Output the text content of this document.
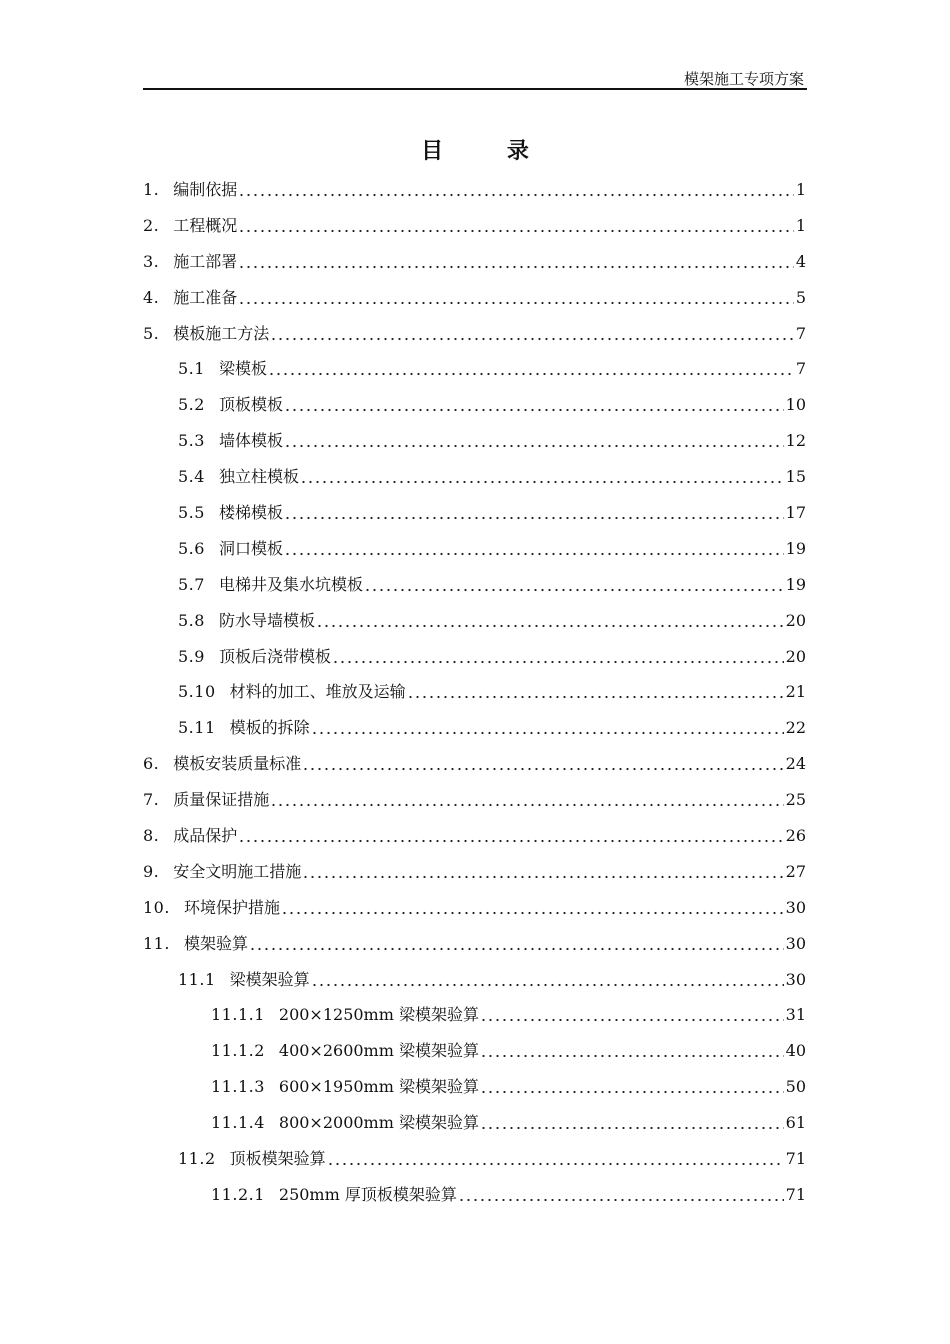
模架施工专项方案
目 录
1. 编制依据	1
2. 工程概况	1
3. 施工部署	4
4. 施工准备	5
5. 模板施工方法	7
5.1 梁模板	7
5.2 顶板模板	10
5.3 墙体模板	12
5.4 独立柱模板	15
5.5 楼梯模板	17
5.6 洞口模板	19
5.7 电梯井及集水坑模板	19
5.8 防水导墙模板	20
5.9 顶板后浇带模板	20
5.10 材料的加工、堆放及运输	21
5.11 模板的拆除	22
6. 模板安装质量标准	24
7. 质量保证措施	25
8. 成品保护	26
9. 安全文明施工措施	27
10. 环境保护措施	30
11. 模架验算	30
11.1 梁模架验算	30
11.1.1 200×1250mm 梁模架验算	31
11.1.2 400×2600mm 梁模架验算	40
11.1.3 600×1950mm 梁模架验算	50
11.1.4 800×2000mm 梁模架验算	61
11.2 顶板模架验算	71
11.2.1 250mm 厚顶板模架验算	71
